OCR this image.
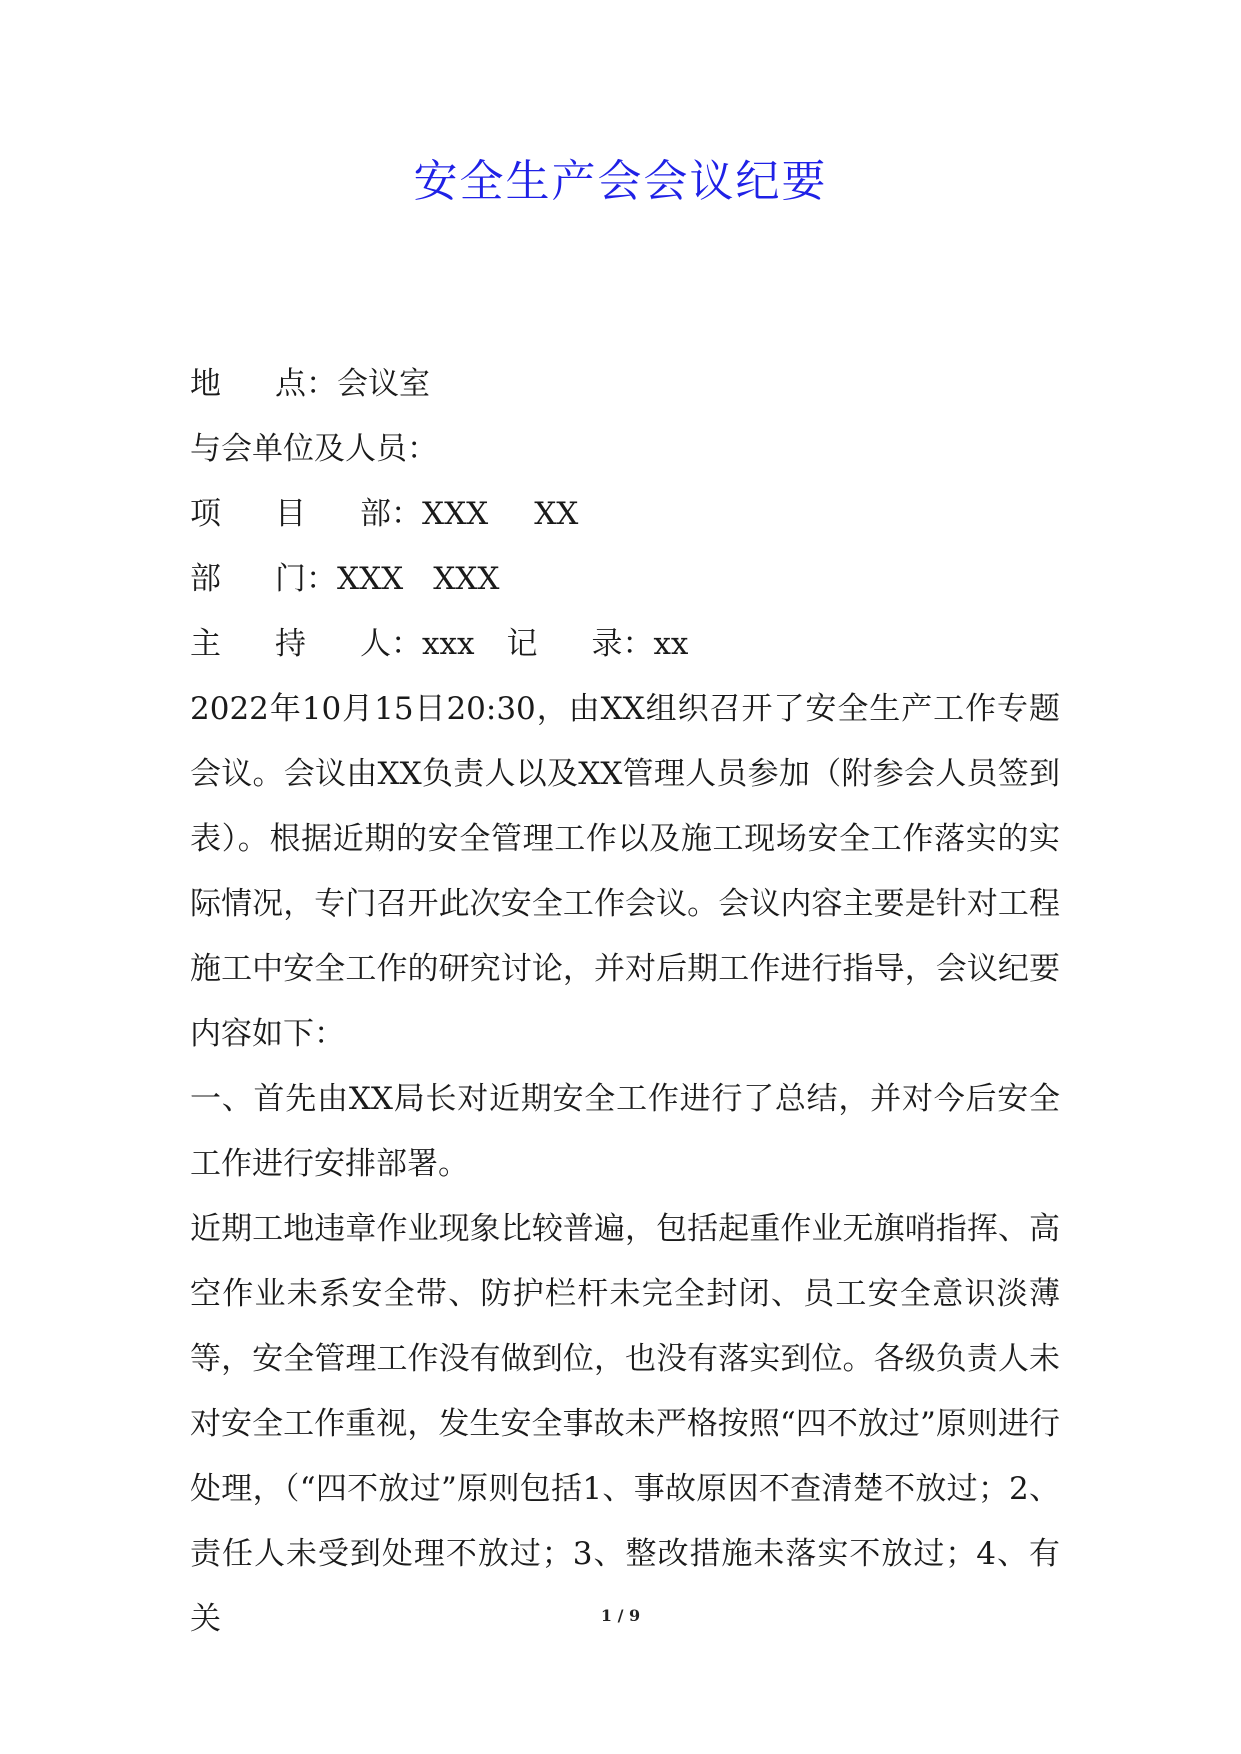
安全生产会会议纪要
地 点：会议室
与会单位及人员：
项 目 部：XXX XX
部 门：XXX XXX
主 持 人：xxx 记 录：xx
2022年10月15日20:30，由XX组织召开了安全生产工作专题会议。会议由XX负责人以及XX管理人员参加（附参会人员签到表）。根据近期的安全管理工作以及施工现场安全工作落实的实际情况，专门召开此次安全工作会议。会议内容主要是针对工程施工中安全工作的研究讨论，并对后期工作进行指导，会议纪要内容如下：
一、首先由XX局长对近期安全工作进行了总结，并对今后安全工作进行安排部署。
近期工地违章作业现象比较普遍，包括起重作业无旗哨指挥、高空作业未系安全带、防护栏杆未完全封闭、员工安全意识淡薄等，安全管理工作没有做到位，也没有落实到位。各级负责人未对安全工作重视，发生安全事故未严格按照“四不放过”原则进行处理，（“四不放过”原则包括1、事故原因不查清楚不放过；2、责任人未受到处理不放过；3、整改措施未落实不放过；4、有关	1 / 9
